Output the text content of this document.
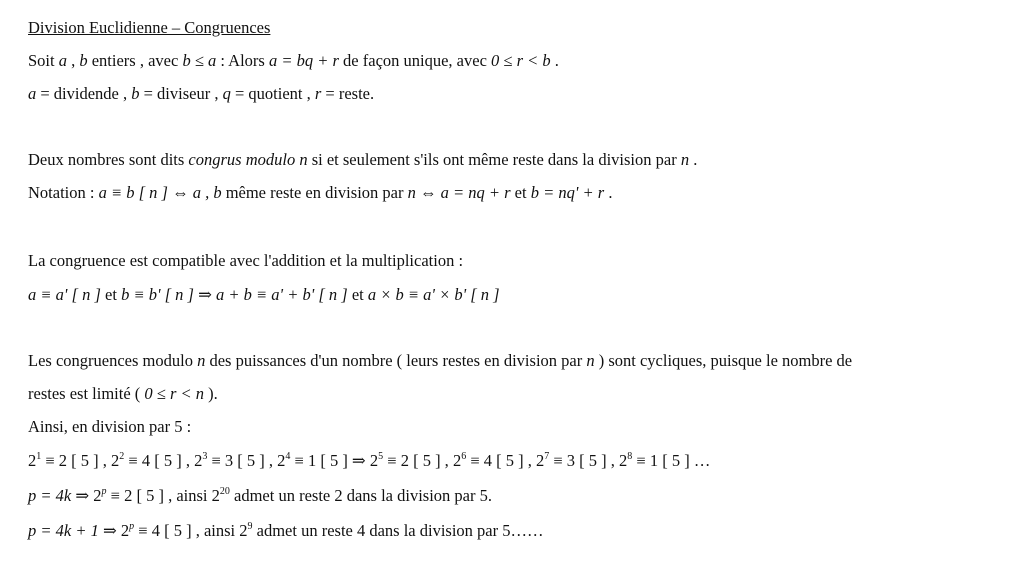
Division Euclidienne – Congruences
Soit a , b entiers , avec b ≤ a : Alors a = bq + r de façon unique, avec 0 ≤ r < b .
a = dividende , b = diviseur , q = quotient , r = reste.
Deux nombres sont dits congrus modulo n si et seulement s'ils ont même reste dans la division par n .
Notation : a ≡ b [ n ] ⇔ a , b même reste en division par n ⇔ a = nq + r et b = nq' + r .
La congruence est compatible avec l'addition et la multiplication :
a ≡ a' [ n ] et b ≡ b' [ n ] ⇒ a + b ≡ a' + b' [ n ] et a × b ≡ a' × b' [ n ]
Les congruences modulo n des puissances d'un nombre ( leurs restes en division par n ) sont cycliques, puisque le nombre de
restes est limité ( 0 ≤ r < n ).
Ainsi, en division par 5 :
$2^1 \equiv 2$ [ 5 ] , $2^2 \equiv 4$ [ 5 ] , $2^3 \equiv 3$ [ 5 ] , $2^4 \equiv 1$ [ 5 ] ⇒ $2^5 \equiv 2$ [ 5 ] , $2^6 \equiv 4$ [ 5 ] , $2^7 \equiv 3$ [ 5 ] , $2^8 \equiv 1$ [ 5 ] …
p = 4k ⇒ $2^p \equiv 2$ [ 5 ] , ainsi $2^{20}$ admet un reste 2 dans la division par 5.
p = 4k + 1 ⇒ $2^p \equiv 4$ [ 5 ] , ainsi $2^9$ admet un reste 4 dans la division par 5……
